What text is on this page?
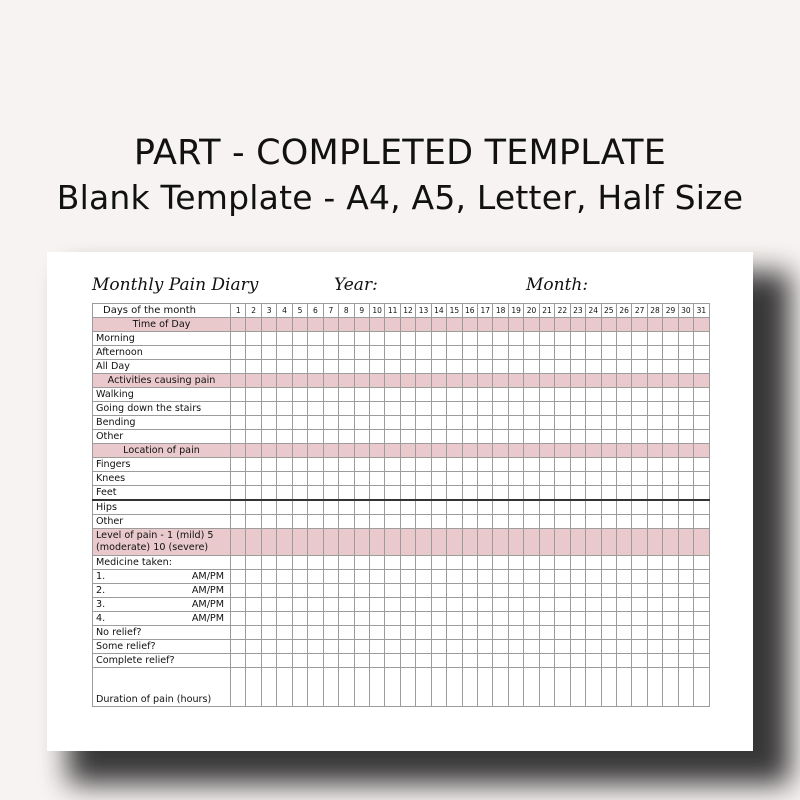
PART - COMPLETED TEMPLATE
Blank Template - A4, A5, Letter, Half Size
Monthly Pain Diary	Year:	Month:
Days of the month	1	2	3	4	5	6	7	8	9	10	11	12	13	14	15	16	17	18	19	20	21	22	23	24	25	26	27	28	29	30	31
Time of Day																															
Morning																															
Afternoon																															
All Day																															
Activities causing pain																															
Walking																															
Going down the stairs																															
Bending																															
Other																															
Location of pain																															
Fingers																															
Knees																															
Feet																															
Hips																															
Other																															
Level of pain - 1 (mild) 5 (moderate) 10 (severe)																															
Medicine taken:																															

1. AM/PM																															

2. AM/PM																															

3. AM/PM																															

4. AM/PM																															

No relief?																															
Some relief?																															
Complete relief?																															
Duration of pain (hours)																															
